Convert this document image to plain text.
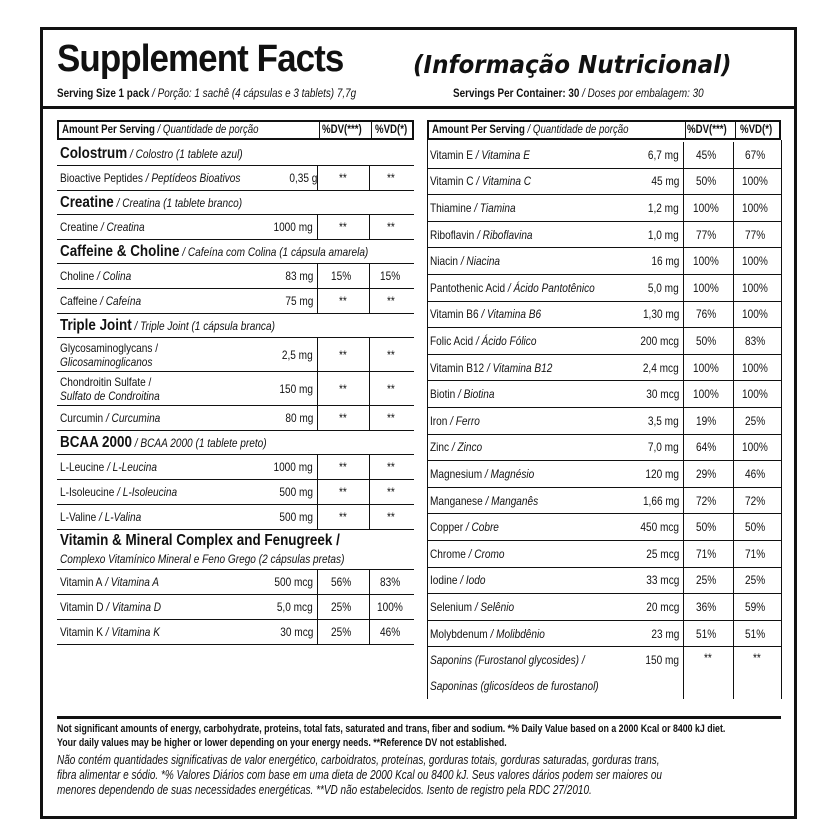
Supplement Facts	(Informação Nutricional)
Serving Size 1 pack / Porção: 1 sachê (4 cápsulas e 3 tablets) 7,7g	Servings Per Container: 30 / Doses por embalagem: 30
Amount Per Serving / Quantidade de porção	%DV(***) %VD(*)
Colostrum / Colostro (1 tablete azul)
Bioactive Peptides / Peptídeos Bioativos	0,35 g **	**
Creatine / Creatina (1 tablete branco)
Creatine / Creatina	1000 mg **	**
Caffeine & Choline / Cafeína com Colina (1 cápsula amarela)
Choline / Colina	83 mg 15% 15%
Caffeine / Cafeína	75 mg **	**
Triple Joint / Triple Joint (1 cápsula branca)
Glycosaminoglycans /
Glicosaminoglicanos	2,5 mg **	**
Chondroitin Sulfate /
Sulfato de Condroitina	150 mg **	**
Curcumin / Curcumina	80 mg **	**
BCAA 2000 / BCAA 2000 (1 tablete preto)
L-Leucine / L-Leucina	1000 mg **	**
L-Isoleucine / L-Isoleucina	500 mg **	**
L-Valine / L-Valina	500 mg **	**
Vitamin & Mineral Complex and Fenugreek /
Complexo Vitamínico Mineral e Feno Grego (2 cápsulas pretas)
Vitamin A / Vitamina A	500 mcg 56% 83%
Vitamin D / Vitamina D	5,0 mcg 25% 100%
Vitamin K / Vitamina K	30 mcg 25% 46%
Amount Per Serving / Quantidade de porção	%DV(***) %VD(*)
Vitamin E / Vitamina E	6,7 mg 45% 67%
Vitamin C / Vitamina C	45 mg 50% 100%
Thiamine / Tiamina	1,2 mg 100% 100%
Riboflavin / Riboflavina	1,0 mg 77% 77%
Niacin / Niacina	16 mg 100% 100%
Pantothenic Acid / Ácido Pantotênico	5,0 mg 100% 100%
Vitamin B6 / Vitamina B6	1,30 mg 76% 100%
Folic Acid / Ácido Fólico	200 mcg 50% 83%
Vitamin B12 / Vitamina B12	2,4 mcg 100% 100%
Biotin / Biotina	30 mcg 100% 100%
Iron / Ferro	3,5 mg 19% 25%
Zinc / Zinco	7,0 mg 64% 100%
Magnesium / Magnésio	120 mg 29% 46%
Manganese / Manganês	1,66 mg 72% 72%
Copper / Cobre	450 mcg 50% 50%
Chrome / Cromo	25 mcg 71% 71%
Iodine / Iodo	33 mcg 25% 25%
Selenium / Selênio	20 mcg 36% 59%
Molybdenum / Molibdênio	23 mg 51% 51%
Saponins (Furostanol glycosides) /
Saponinas (glicosídeos de furostanol)
150 mg **	**
Not significant amounts of energy, carbohydrate, proteins, total fats, saturated and trans, fiber and sodium. *% Daily Value based on a 2000 Kcal or 8400 kJ diet.
Your daily values may be higher or lower depending on your energy needs. **Reference DV not established.
Não contém quantidades significativas de valor energético, carboidratos, proteínas, gorduras totais, gorduras saturadas, gorduras trans,
fibra alimentar e sódio. *% Valores Diários com base em uma dieta de 2000 Kcal ou 8400 kJ. Seus valores dários podem ser maiores ou
menores dependendo de suas necessidades energéticas. **VD não estabelecidos. Isento de registro pela RDC 27/2010.
